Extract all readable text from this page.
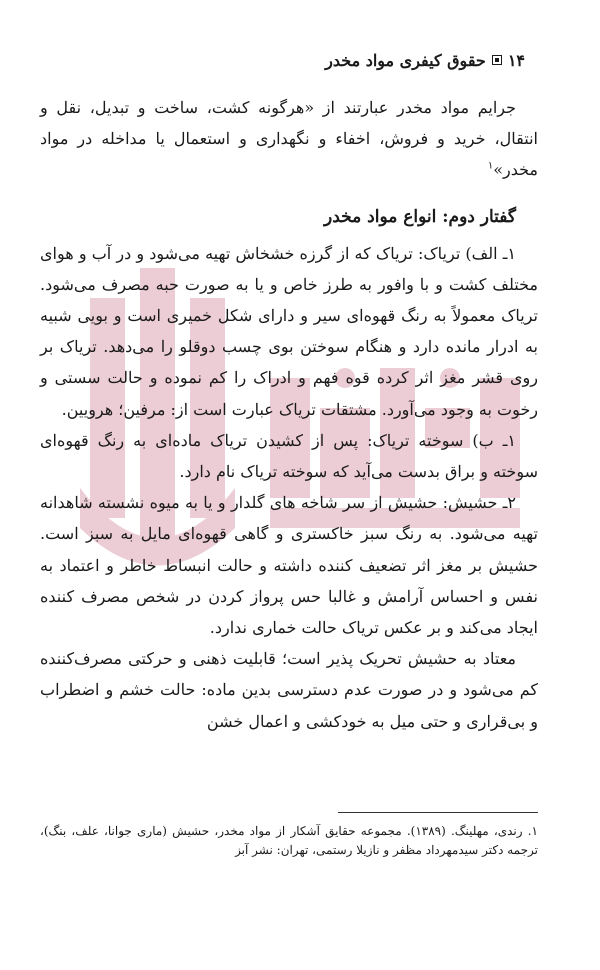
۱۴
حقوق کیفری مواد مخدر

جرایم مواد مخدر عبارتند از «هرگونه کشت، ساخت و تبدیل، نقل و انتقال، خرید و فروش، اخفاء و نگهداری و استعمال یا مداخله در مواد مخدر»$^۱$

گفتار دوم: انواع مواد مخدر

۱ـ الف) تریاک: تریاک که از گرزه خشخاش تهیه می‌شود و در آب و هوای مختلف کشت و با وافور به طرز خاص و یا به صورت حبه مصرف می‌شود. تریاک معمولاً به رنگ قهوه‌ای سیر و دارای شکل خمیری است و بویی شبیه به ادرار مانده دارد و هنگام سوختن بوی چسب دوقلو را می‌دهد. تریاک بر روی قشر مغز اثر کرده قوه فهم و ادراک را کم نموده و حالت سستی و رخوت به وجود می‌آورد. مشتقات تریاک عبارت است از: مرفین؛ هرویین.

۱ـ ب) سوخته تریاک: پس از کشیدن تریاک ماده‌ای به رنگ قهوه‌ای سوخته و براق بدست می‌آید که سوخته تریاک نام دارد.

۲ـ حشیش: حشیش از سر شاخه های گلدار و یا به میوه نشسته شاهدانه تهیه می‌شود. به رنگ سبز خاکستری و گاهی قهوه‌ای مایل به سبز است. حشیش بر مغز اثر تضعیف کننده داشته و حالت انبساط خاطر و اعتماد به نفس و احساس آرامش و غالبا حس پرواز کردن در شخص مصرف کننده ایجاد می‌کند و بر عکس تریاک حالت خماری ندارد.

معتاد به حشیش تحریک پذیر است؛ قابلیت ذهنی و حرکتی مصرف‌کننده کم می‌شود و در صورت عدم دسترسی بدین ماده: حالت خشم و اضطراب و بی‌قراری و حتی میل به خودکشی و اعمال خشن

۱. رندی، مهلینگ. (۱۳۸۹). مجموعه حقایق آشکار از مواد مخدر، حشیش (ماری جوانا، علف، بنگ)، ترجمه دکتر سیدمهرداد مظفر و نازیلا رستمی، تهران: نشر آبز
